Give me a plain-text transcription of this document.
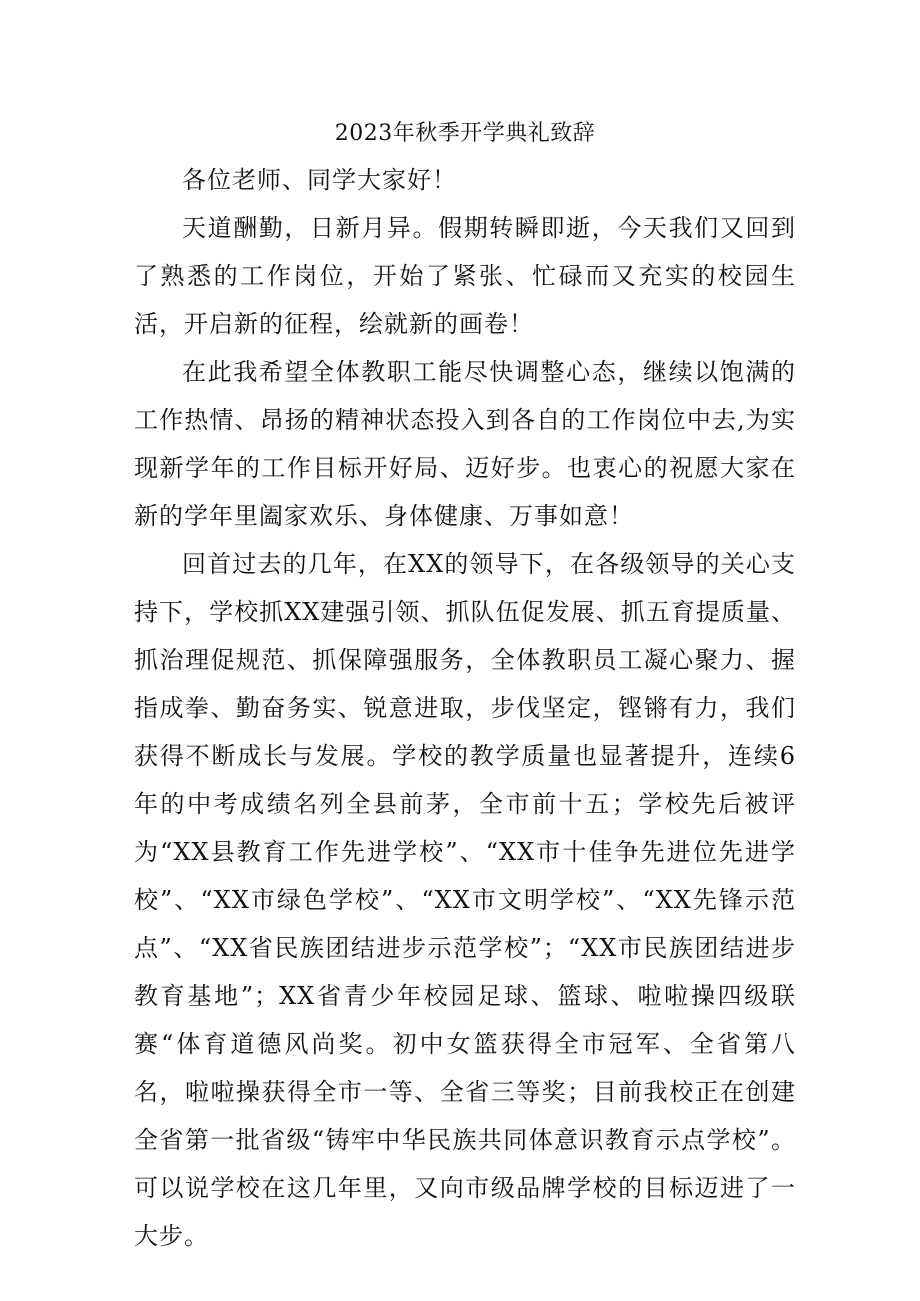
2023年秋季开学典礼致辞

各位老师、同学大家好！

天道酬勤，日新月异。假期转瞬即逝，今天我们又回到了熟悉的工作岗位，开始了紧张、忙碌而又充实的校园生活，开启新的征程，绘就新的画卷！

在此我希望全体教职工能尽快调整心态，继续以饱满的工作热情、昂扬的精神状态投入到各自的工作岗位中去,为实现新学年的工作目标开好局、迈好步。也衷心的祝愿大家在新的学年里阖家欢乐、身体健康、万事如意！

回首过去的几年，在XX的领导下，在各级领导的关心支持下，学校抓XX建强引领、抓队伍促发展、抓五育提质量、抓治理促规范、抓保障强服务，全体教职员工凝心聚力、握指成拳、勤奋务实、锐意进取，步伐坚定，铿锵有力，我们获得不断成长与发展。学校的教学质量也显著提升，连续6年的中考成绩名列全县前茅，全市前十五；学校先后被评为“XX县教育工作先进学校”、“XX市十佳争先进位先进学校”、“XX市绿色学校”、“XX市文明学校”、“XX先锋示范点”、“XX省民族团结进步示范学校”；“XX市民族团结进步教育基地”；XX省青少年校园足球、篮球、啦啦操四级联赛“体育道德风尚奖。初中女篮获得全市冠军、全省第八名，啦啦操获得全市一等、全省三等奖；目前我校正在创建全省第一批省级“铸牢中华民族共同体意识教育示点学校”。可以说学校在这几年里，又向市级品牌学校的目标迈进了一大步。
